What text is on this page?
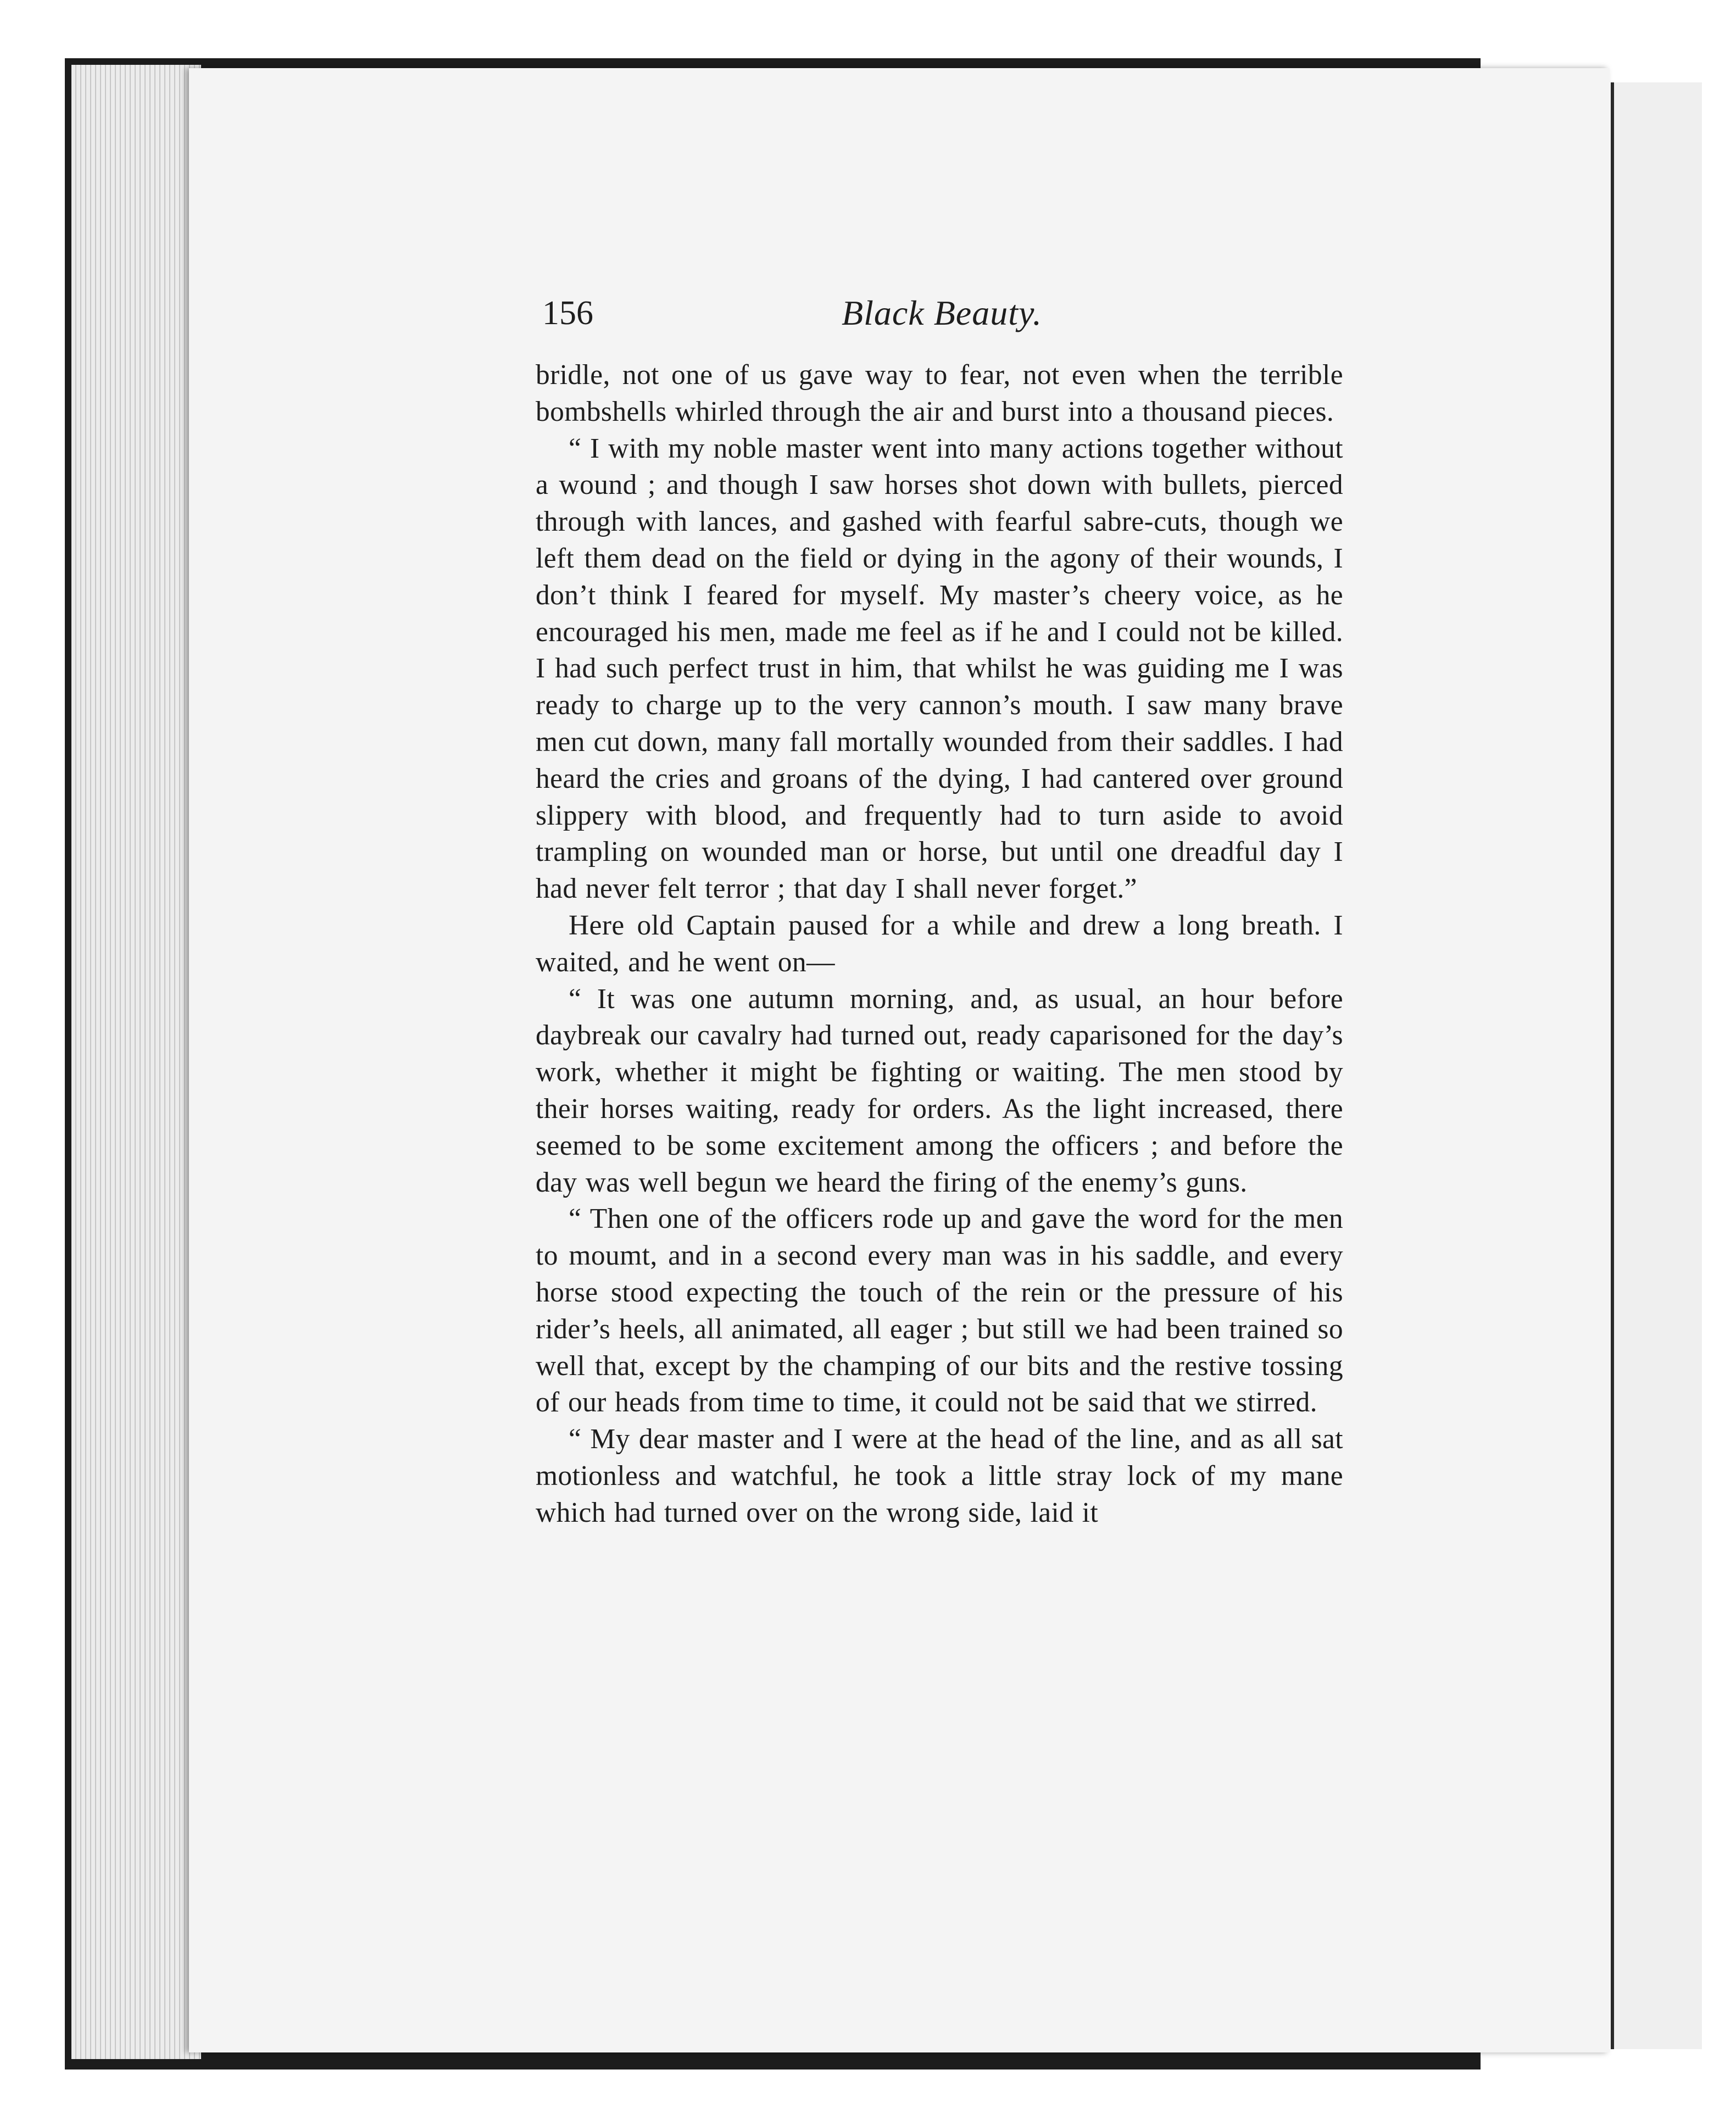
156	Black Beauty.

bridle, not one of us gave way to fear, not even when the terrible bombshells whirled through the air and burst into a thousand pieces.

“ I with my noble master went into many actions together without a wound ; and though I saw horses shot down with bullets, pierced through with lances, and gashed with fearful sabre-cuts, though we left them dead on the field or dying in the agony of their wounds, I don’t think I feared for myself. My master’s cheery voice, as he encouraged his men, made me feel as if he and I could not be killed. I had such perfect trust in him, that whilst he was guiding me I was ready to charge up to the very cannon’s mouth. I saw many brave men cut down, many fall mortally wounded from their saddles. I had heard the cries and groans of the dying, I had cantered over ground slippery with blood, and frequently had to turn aside to avoid trampling on wounded man or horse, but until one dreadful day I had never felt terror ; that day I shall never forget.”

Here old Captain paused for a while and drew a long breath. I waited, and he went on—

“ It was one autumn morning, and, as usual, an hour before daybreak our cavalry had turned out, ready caparisoned for the day’s work, whether it might be fighting or waiting. The men stood by their horses waiting, ready for orders. As the light increased, there seemed to be some excitement among the officers ; and before the day was well begun we heard the firing of the enemy’s guns.

“ Then one of the officers rode up and gave the word for the men to moumt, and in a second every man was in his saddle, and every horse stood expecting the touch of the rein or the pressure of his rider’s heels, all animated, all eager ; but still we had been trained so well that, except by the champing of our bits and the restive tossing of our heads from time to time, it could not be said that we stirred.

“ My dear master and I were at the head of the line, and as all sat motionless and watchful, he took a little stray lock of my mane which had turned over on the wrong side, laid it
